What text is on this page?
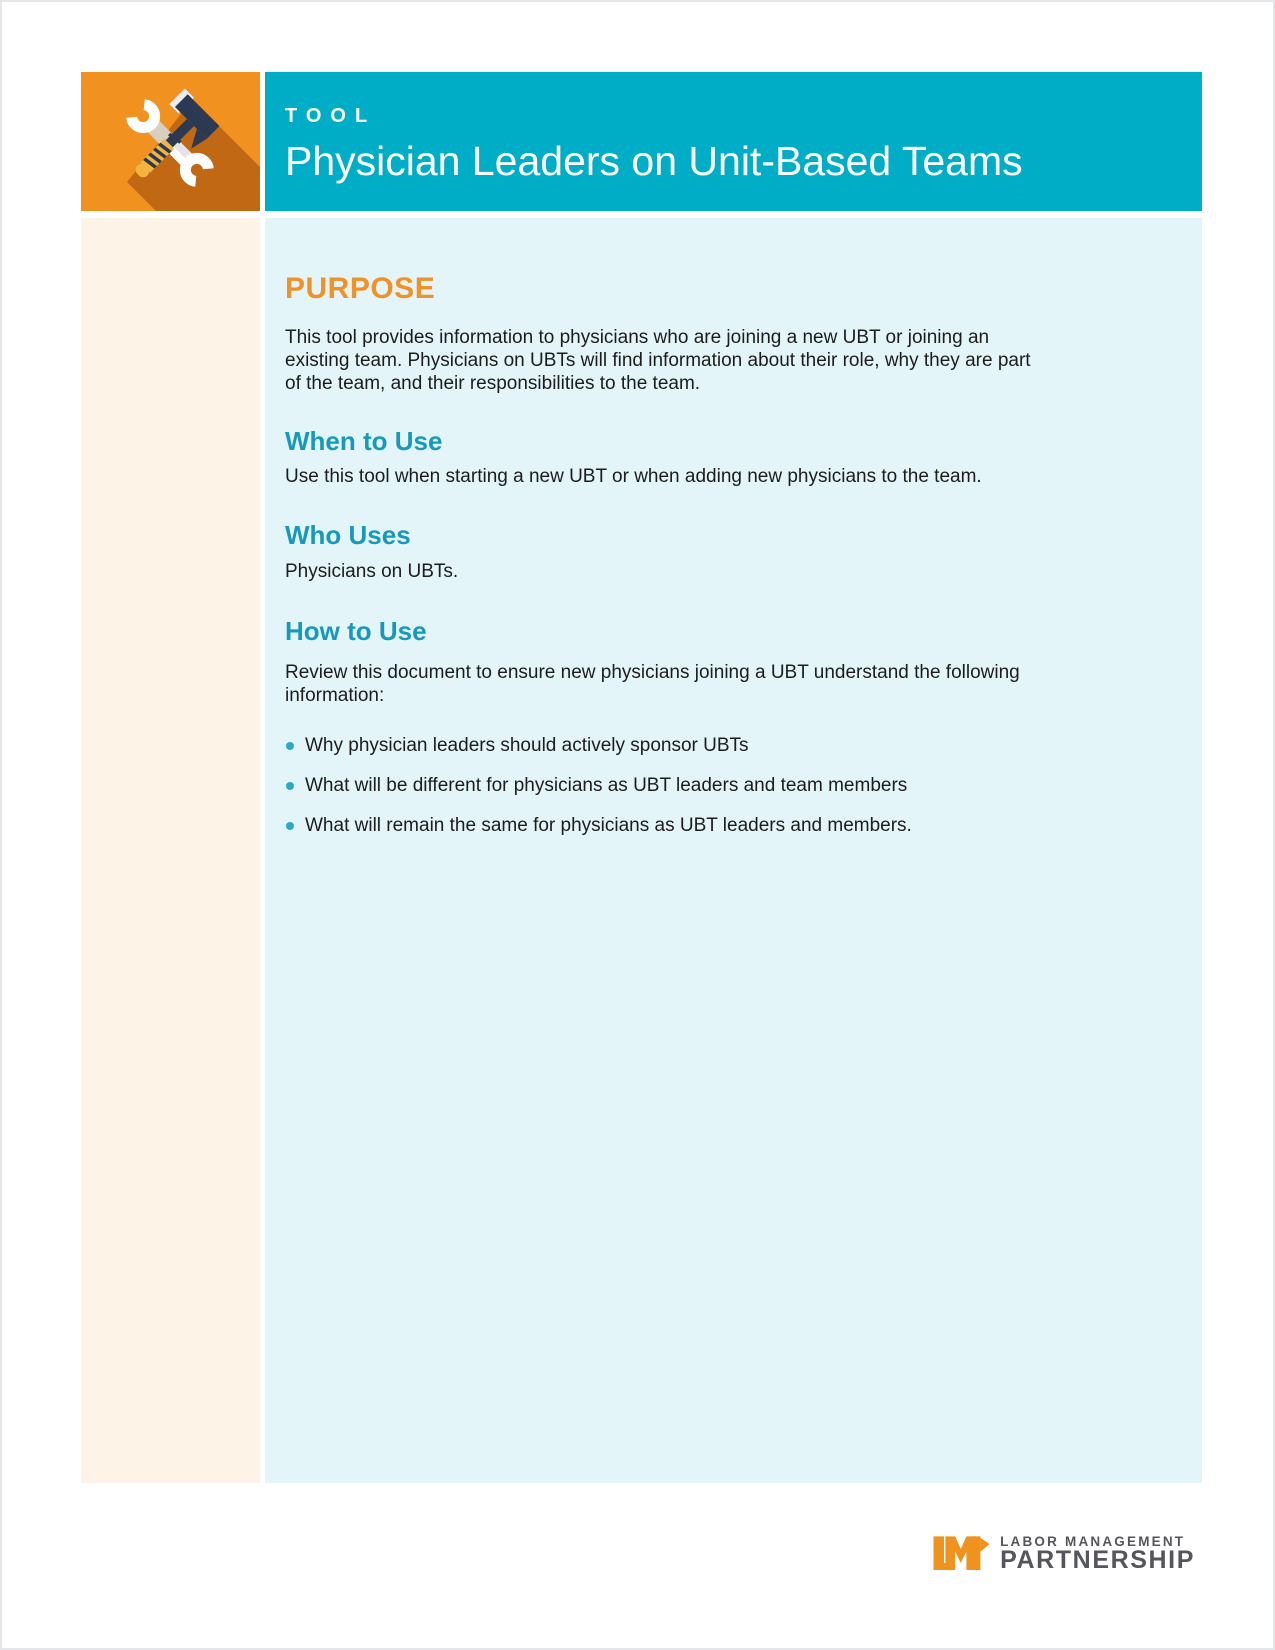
TOOL
Physician Leaders on Unit-Based Teams
PURPOSE
This tool provides information to physicians who are joining a new UBT or joining an
existing team. Physicians on UBTs will find information about their role, why they are part
of the team, and their responsibilities to the team.
When to Use
Use this tool when starting a new UBT or when adding new physicians to the team.
Who Uses
Physicians on UBTs.
How to Use
Review this document to ensure new physicians joining a UBT understand the following
information:
Why physician leaders should actively sponsor UBTs
What will be different for physicians as UBT leaders and team members
What will remain the same for physicians as UBT leaders and members.
LABOR MANAGEMENT
PARTNERSHIP
